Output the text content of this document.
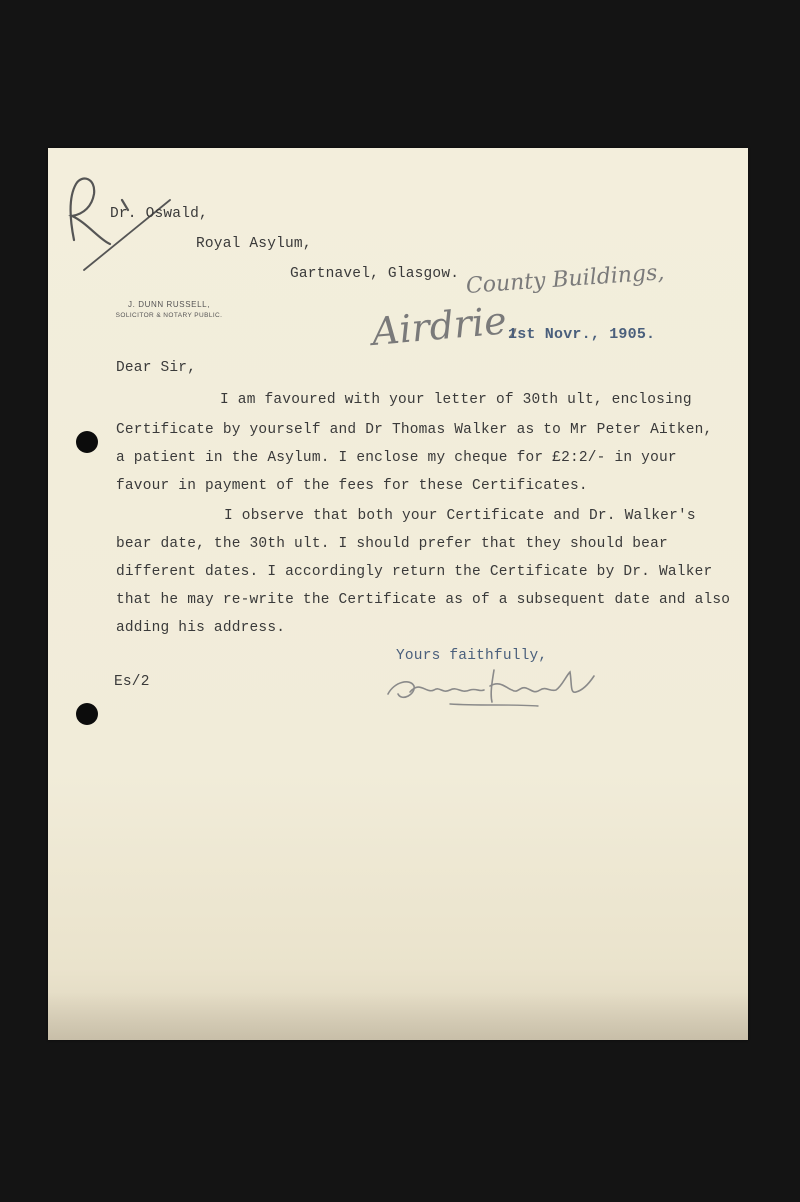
Dr. Oswald,
Royal Asylum,
Gartnavel, Glasgow.
J. DUNN RUSSELL,
SOLICITOR & NOTARY PUBLIC.
County Buildings,
Airdrie,
1st Novr., 1905.
Dear Sir,
I am favoured with your letter of 30th ult, enclosing
Certificate by yourself and Dr Thomas Walker as to Mr Peter Aitken,
a patient in the Asylum. I enclose my cheque for £2:2/- in your
favour in payment of the fees for these Certificates.
I observe that both your Certificate and Dr. Walker's
bear date, the 30th ult. I should prefer that they should bear
different dates. I accordingly return the Certificate by Dr. Walker
that he may re-write the Certificate as of a subsequent date and also
adding his address.
Yours faithfully,
Es/2
